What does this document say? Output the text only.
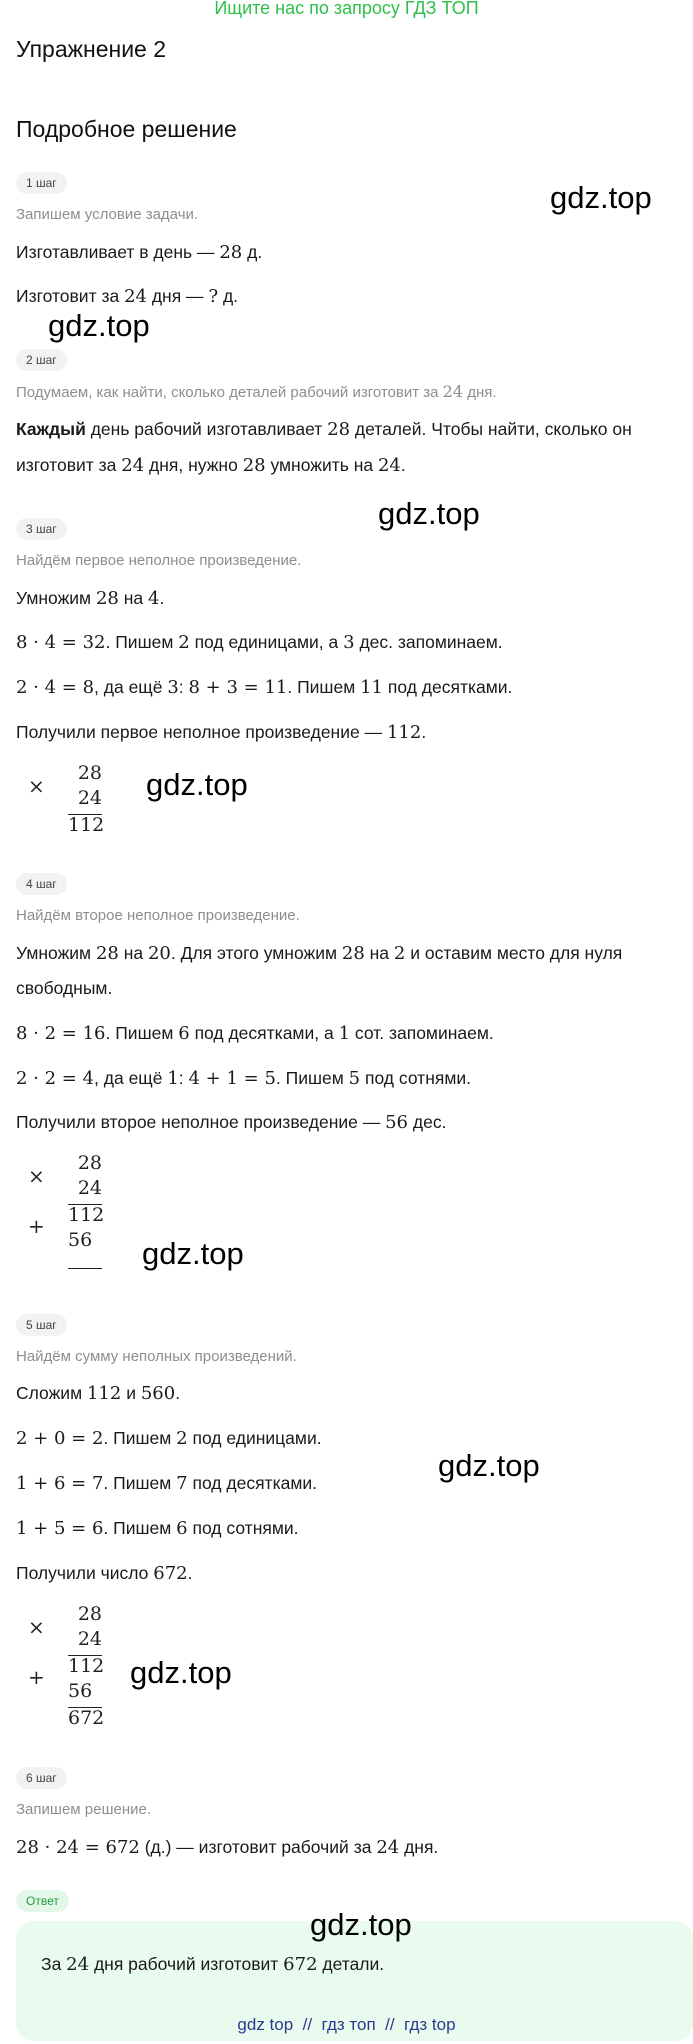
Ищите нас по запросу ГДЗ ТОП
Упражнение 2
Подробное решение
1 шаг
Запишем условие задачи.
Изготавливает в день — 28 д.
Изготовит за 24 дня — ? д.
2 шаг
Подумаем, как найти, сколько деталей рабочий изготовит за 24 дня.
Каждый день рабочий изготавливает 28 деталей. Чтобы найти, сколько он
изготовит за 24 дня, нужно 28 умножить на 24.
3 шаг
Найдём первое неполное произведение.
Умножим 28 на 4.
8 · 4 = 32. Пишем 2 под единицами, а 3 дес. запоминаем.
2 · 4 = 8, да ещё 3: 8 + 3 = 11. Пишем 11 под десятками.
Получили первое неполное произведение — 112.
×
28
24
112
4 шаг
Найдём второе неполное произведение.
Умножим 28 на 20. Для этого умножим 28 на 2 и оставим место для нуля
свободным.
8 · 2 = 16. Пишем 6 под десятками, а 1 сот. запоминаем.
2 · 2 = 4, да ещё 1: 4 + 1 = 5. Пишем 5 под сотнями.
Получили второе неполное произведение — 56 дес.
×
+
28
24
112
56
5 шаг
Найдём сумму неполных произведений.
Сложим 112 и 560.
2 + 0 = 2. Пишем 2 под единицами.
1 + 6 = 7. Пишем 7 под десятками.
1 + 5 = 6. Пишем 6 под сотнями.
Получили число 672.
×
+
28
24
112
56
672
6 шаг
Запишем решение.
28 · 24 = 672 (д.) — изготовит рабочий за 24 дня.
Ответ
За 24 дня рабочий изготовит 672 детали.
gdz.top
gdz.top
gdz.top
gdz.top
gdz.top
gdz.top
gdz.top
gdz.top
gdz top // гдз топ // гдз top
